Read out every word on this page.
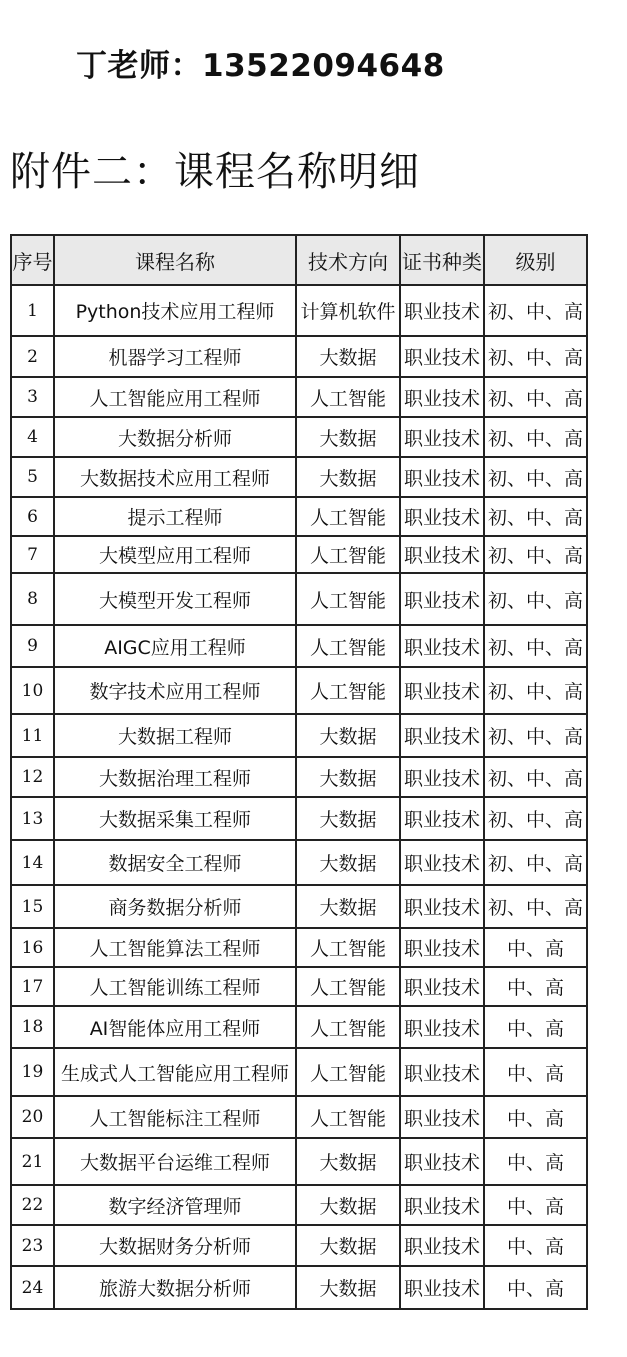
丁老师：13522094648
附件二：课程名称明细
序号	课程名称	技术方向	证书种类	级别
1	Python技术应用工程师	计算机软件	职业技术	初、中、高
2	机器学习工程师	大数据	职业技术	初、中、高
3	人工智能应用工程师	人工智能	职业技术	初、中、高
4	大数据分析师	大数据	职业技术	初、中、高
5	大数据技术应用工程师	大数据	职业技术	初、中、高
6	提示工程师	人工智能	职业技术	初、中、高
7	大模型应用工程师	人工智能	职业技术	初、中、高
8	大模型开发工程师	人工智能	职业技术	初、中、高
9	AIGC应用工程师	人工智能	职业技术	初、中、高
10	数字技术应用工程师	人工智能	职业技术	初、中、高
11	大数据工程师	大数据	职业技术	初、中、高
12	大数据治理工程师	大数据	职业技术	初、中、高
13	大数据采集工程师	大数据	职业技术	初、中、高
14	数据安全工程师	大数据	职业技术	初、中、高
15	商务数据分析师	大数据	职业技术	初、中、高
16	人工智能算法工程师	人工智能	职业技术	中、高
17	人工智能训练工程师	人工智能	职业技术	中、高
18	AI智能体应用工程师	人工智能	职业技术	中、高
19	生成式人工智能应用工程师	人工智能	职业技术	中、高
20	人工智能标注工程师	人工智能	职业技术	中、高
21	大数据平台运维工程师	大数据	职业技术	中、高
22	数字经济管理师	大数据	职业技术	中、高
23	大数据财务分析师	大数据	职业技术	中、高
24	旅游大数据分析师	大数据	职业技术	中、高
